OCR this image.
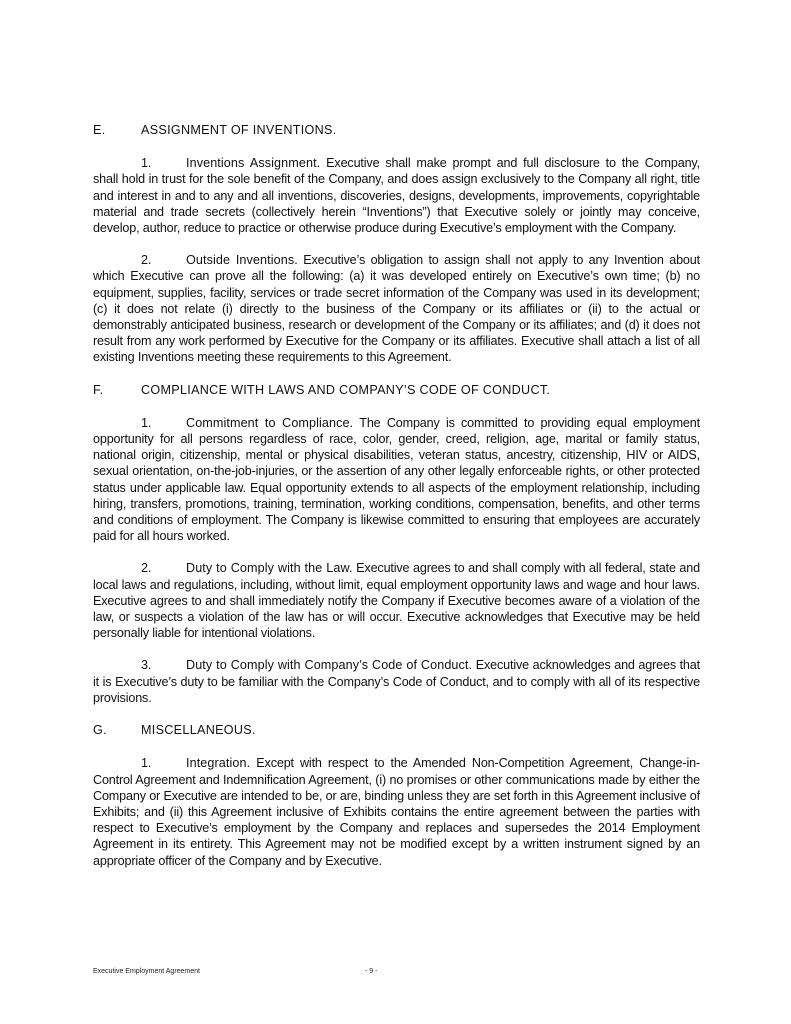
E.	ASSIGNMENT OF INVENTIONS.

1.	Inventions Assignment. Executive shall make prompt and full disclosure to the Company, shall hold in trust for the sole benefit of the Company, and does assign exclusively to the Company all right, title and interest in and to any and all inventions, discoveries, designs, developments, improvements, copyrightable material and trade secrets (collectively herein “Inventions”) that Executive solely or jointly may conceive, develop, author, reduce to practice or otherwise produce during Executive’s employment with the Company.

2.	Outside Inventions. Executive’s obligation to assign shall not apply to any Invention about which Executive can prove all the following: (a) it was developed entirely on Executive’s own time; (b) no equipment, supplies, facility, services or trade secret information of the Company was used in its development; (c) it does not relate (i) directly to the business of the Company or its affiliates or (ii) to the actual or demonstrably anticipated business, research or development of the Company or its affiliates; and (d) it does not result from any work performed by Executive for the Company or its affiliates. Executive shall attach a list of all existing Inventions meeting these requirements to this Agreement.

F.	COMPLIANCE WITH LAWS AND COMPANY’S CODE OF CONDUCT.

1.	Commitment to Compliance. The Company is committed to providing equal employment opportunity for all persons regardless of race, color, gender, creed, religion, age, marital or family status, national origin, citizenship, mental or physical disabilities, veteran status, ancestry, citizenship, HIV or AIDS, sexual orientation, on-the-job-injuries, or the assertion of any other legally enforceable rights, or other protected status under applicable law. Equal opportunity extends to all aspects of the employment relationship, including hiring, transfers, promotions, training, termination, working conditions, compensation, benefits, and other terms and conditions of employment. The Company is likewise committed to ensuring that employees are accurately paid for all hours worked.

2.	Duty to Comply with the Law. Executive agrees to and shall comply with all federal, state and local laws and regulations, including, without limit, equal employment opportunity laws and wage and hour laws. Executive agrees to and shall immediately notify the Company if Executive becomes aware of a violation of the law, or suspects a violation of the law has or will occur. Executive acknowledges that Executive may be held personally liable for intentional violations.

3.	Duty to Comply with Company’s Code of Conduct. Executive acknowledges and agrees that it is Executive’s duty to be familiar with the Company’s Code of Conduct, and to comply with all of its respective provisions.

G.	MISCELLANEOUS.

1.	Integration. Except with respect to the Amended Non-Competition Agreement, Change-in-Control Agreement and Indemnification Agreement, (i) no promises or other communications made by either the Company or Executive are intended to be, or are, binding unless they are set forth in this Agreement inclusive of Exhibits; and (ii) this Agreement inclusive of Exhibits contains the entire agreement between the parties with respect to Executive’s employment by the Company and replaces and supersedes the 2014 Employment Agreement in its entirety. This Agreement may not be modified except by a written instrument signed by an appropriate officer of the Company and by Executive.

Executive Employment Agreement	- 9 -
